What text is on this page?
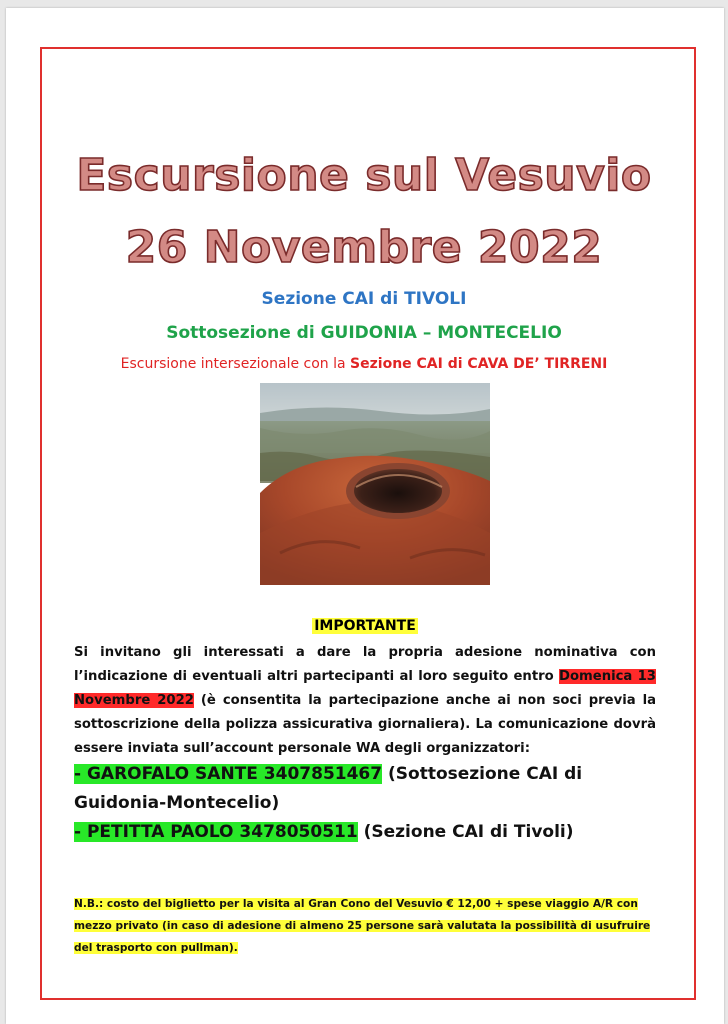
Escursione sul Vesuvio
26 Novembre 2022
Sezione CAI di TIVOLI
Sottosezione di GUIDONIA – MONTECELIO
Escursione intersezionale con la Sezione CAI di CAVA DE’ TIRRENI
IMPORTANTE
Si invitano gli interessati a dare la propria adesione nominativa con l’indicazione di eventuali altri partecipanti al loro seguito entro Domenica 13 Novembre 2022 (è consentita la partecipazione anche ai non soci previa la sottoscrizione della polizza assicurativa giornaliera). La comunicazione dovrà essere inviata sull’account personale WA degli organizzatori:
- GAROFALO SANTE 3407851467 (Sottosezione CAI di Guidonia-Montecelio)
- PETITTA PAOLO 3478050511 (Sezione CAI di Tivoli)
N.B.: costo del biglietto per la visita al Gran Cono del Vesuvio € 12,00 + spese viaggio A/R con mezzo privato (in caso di adesione di almeno 25 persone sarà valutata la possibilità di usufruire del trasporto con pullman).
